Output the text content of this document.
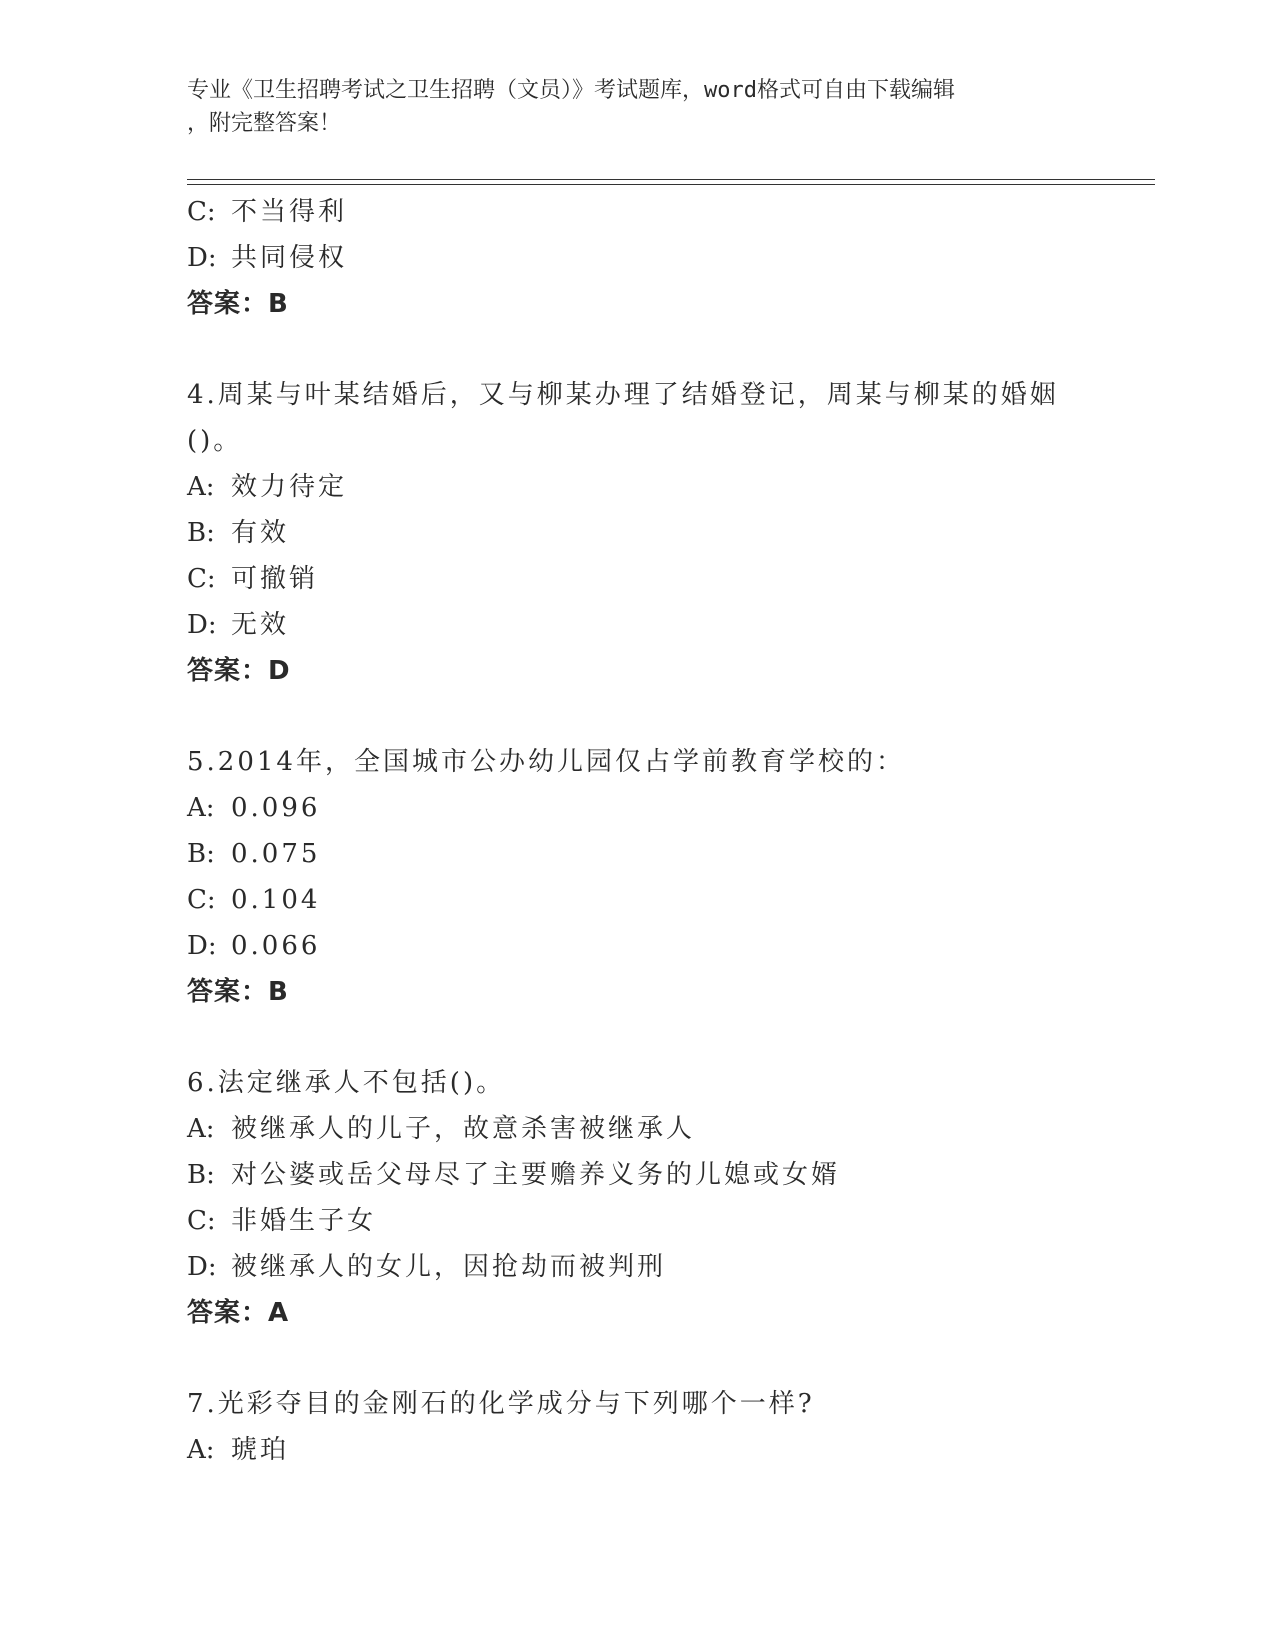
专业《卫生招聘考试之卫生招聘（文员）》考试题库，word格式可自由下载编辑
，附完整答案！
C: 不当得利
D: 共同侵权
答案：B
4.周某与叶某结婚后，又与柳某办理了结婚登记，周某与柳某的婚姻
()。
A: 效力待定
B: 有效
C: 可撤销
D: 无效
答案：D
5.2014年，全国城市公办幼儿园仅占学前教育学校的：
A: 0.096
B: 0.075
C: 0.104
D: 0.066
答案：B
6.法定继承人不包括()。
A: 被继承人的儿子，故意杀害被继承人
B: 对公婆或岳父母尽了主要赡养义务的儿媳或女婿
C: 非婚生子女
D: 被继承人的女儿，因抢劫而被判刑
答案：A
7.光彩夺目的金刚石的化学成分与下列哪个一样?
A: 琥珀
